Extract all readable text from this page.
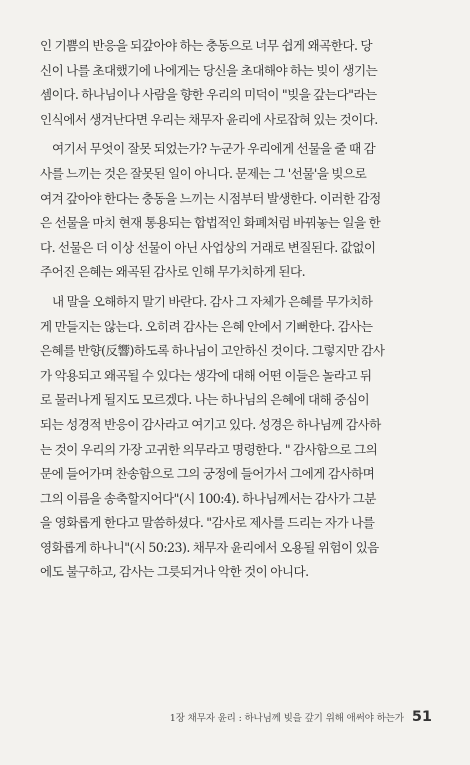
인 기쁨의 반응을 되갚아야 하는 충동으로 너무 쉽게 왜곡한다. 당
신이 나를 초대했기에 나에게는 당신을 초대해야 하는 빚이 생기는
셈이다. 하나님이나 사람을 향한 우리의 미덕이 "빚을 갚는다"라는
인식에서 생겨난다면 우리는 채무자 윤리에 사로잡혀 있는 것이다.
여기서 무엇이 잘못 되었는가? 누군가 우리에게 선물을 줄 때 감
사를 느끼는 것은 잘못된 일이 아니다. 문제는 그 '선물'을 빚으로
여겨 갚아야 한다는 충동을 느끼는 시점부터 발생한다. 이러한 감정
은 선물을 마치 현재 통용되는 합법적인 화폐처럼 바꿔놓는 일을 한
다. 선물은 더 이상 선물이 아닌 사업상의 거래로 변질된다. 값없이
주어진 은혜는 왜곡된 감사로 인해 무가치하게 된다.
내 말을 오해하지 말기 바란다. 감사 그 자체가 은혜를 무가치하
게 만들지는 않는다. 오히려 감사는 은혜 안에서 기뻐한다. 감사는
은혜를 반향(反響)하도록 하나님이 고안하신 것이다. 그렇지만 감사
가 악용되고 왜곡될 수 있다는 생각에 대해 어떤 이들은 놀라고 뒤
로 물러나게 될지도 모르겠다. 나는 하나님의 은혜에 대해 중심이
되는 성경적 반응이 감사라고 여기고 있다. 성경은 하나님께 감사하
는 것이 우리의 가장 고귀한 의무라고 명령한다. " 감사함으로 그의
문에 들어가며 찬송함으로 그의 궁정에 들어가서 그에게 감사하며
그의 이름을 송축할지어다"(시 100:4). 하나님께서는 감사가 그분
을 영화롭게 한다고 말씀하셨다. "감사로 제사를 드리는 자가 나를
영화롭게 하나니"(시 50:23). 채무자 윤리에서 오용될 위험이 있음
에도 불구하고, 감사는 그릇되거나 악한 것이 아니다.
1장 채무자 윤리 : 하나님께 빚을 갚기 위해 애써야 하는가 51
